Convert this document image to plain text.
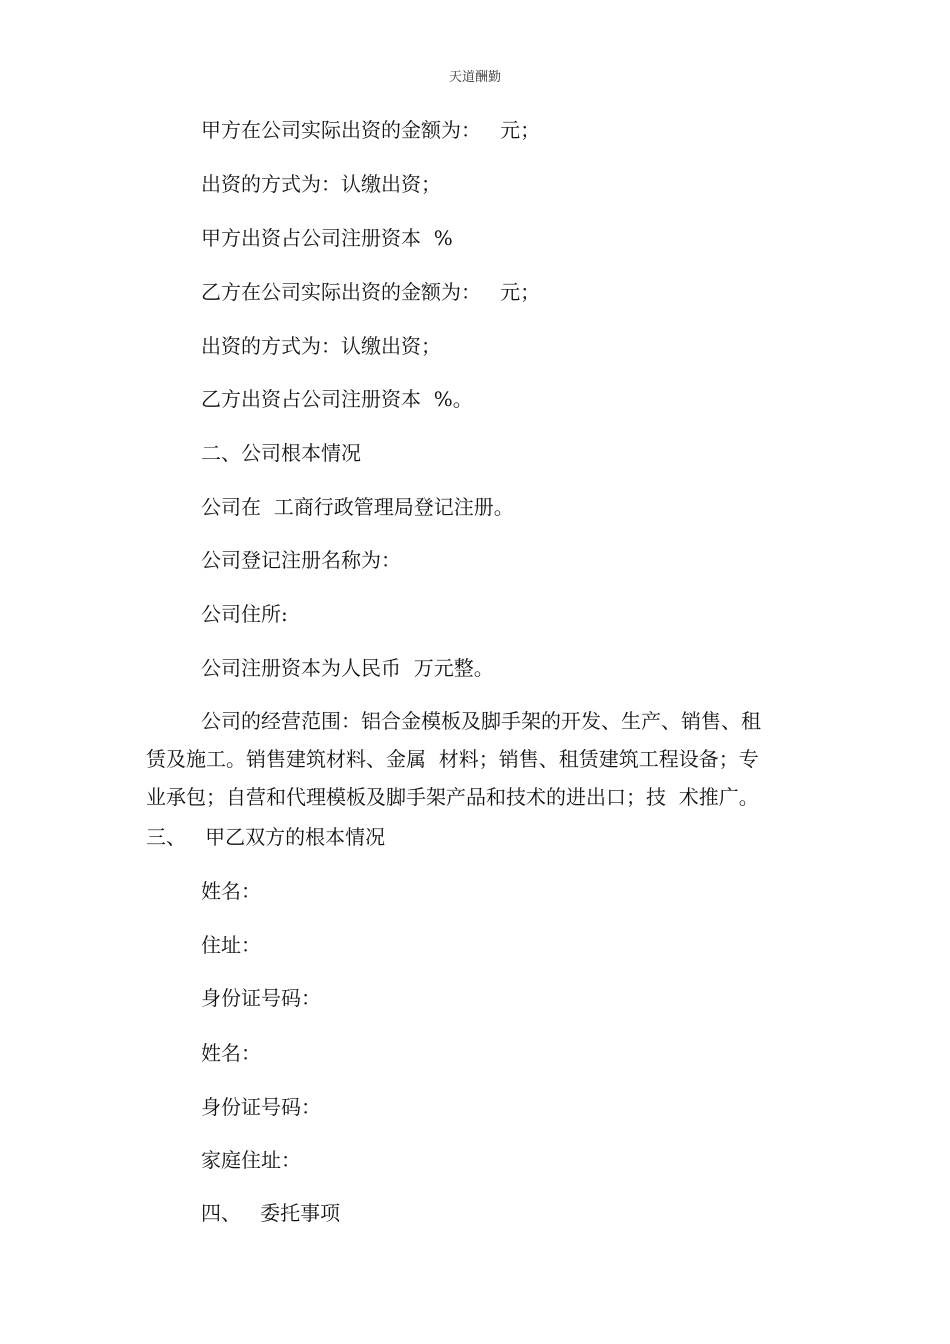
天道酬勤
甲方在公司实际出资的金额为：   元；
出资的方式为：认缴出资；
甲方出资占公司注册资本  %
乙方在公司实际出资的金额为：   元；
出资的方式为：认缴出资；
乙方出资占公司注册资本  %。
二、公司根本情况
公司在  工商行政管理局登记注册。
公司登记注册名称为：
公司住所:
公司注册资本为人民币  万元整。
公司的经营范围：铝合金模板及脚手架的开发、生产、销售、租
赁及施工。销售建筑材料、金属  材料；销售、租赁建筑工程设备；专
业承包；自营和代理模板及脚手架产品和技术的进出口；技  术推广。
三、   甲乙双方的根本情况
姓名：
住址：
身份证号码：
姓名：
身份证号码：
家庭住址：
四、   委托事项
